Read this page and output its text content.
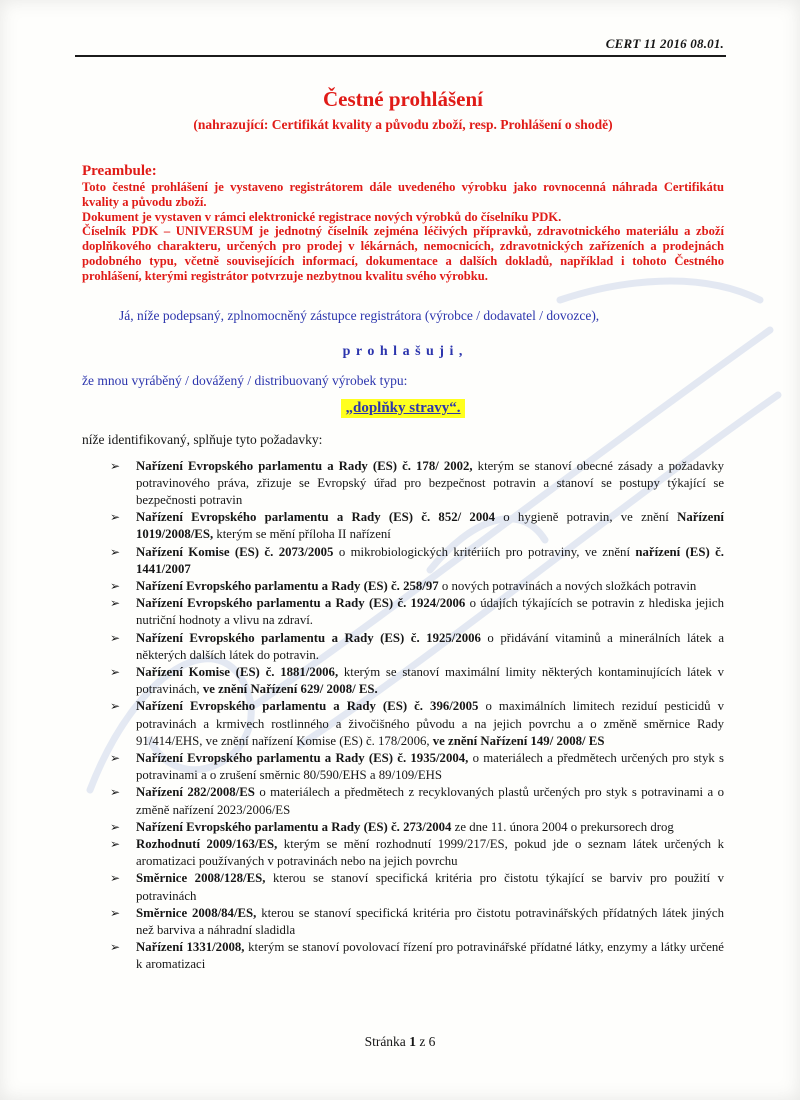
CERT 11 2016 08.01.
Čestné prohlášení
(nahrazující: Certifikát kvality a původu zboží, resp. Prohlášení o shodě)
Preambule:

Toto čestné prohlášení je vystaveno registrátorem dále uvedeného výrobku jako rovnocenná náhrada Certifikátu kvality a původu zboží.

Dokument je vystaven v rámci elektronické registrace nových výrobků do číselníku PDK.

Číselník PDK – UNIVERSUM je jednotný číselník zejména léčivých přípravků, zdravotnického materiálu a zboží doplňkového charakteru, určených pro prodej v lékárnách, nemocnicích, zdravotnických zařízeních a prodejnách podobného typu, včetně souvisejících informací, dokumentace a dalších dokladů, například i tohoto Čestného prohlášení, kterými registrátor potvrzuje nezbytnou kvalitu svého výrobku.

Já, níže podepsaný, zplnomocněný zástupce registrátora (výrobce / dodavatel / dovozce),

p r o h l a š u j i ,

že mnou vyráběný / dovážený / distribuovaný výrobek typu:

„doplňky stravy“.

níže identifikovaný, splňuje tyto požadavky:

➢ Nařízení Evropského parlamentu a Rady (ES) č. 178/ 2002, kterým se stanoví obecné zásady a požadavky potravinového práva, zřizuje se Evropský úřad pro bezpečnost potravin a stanoví se postupy týkající se bezpečnosti potravin
➢ Nařízení Evropského parlamentu a Rady (ES) č. 852/ 2004 o hygieně potravin, ve znění Nařízení 1019/2008/ES, kterým se mění příloha II nařízení
➢ Nařízení Komise (ES) č. 2073/2005 o mikrobiologických kritériích pro potraviny, ve znění nařízení (ES) č. 1441/2007
➢ Nařízení Evropského parlamentu a Rady (ES) č. 258/97 o nových potravinách a nových složkách potravin
➢ Nařízení Evropského parlamentu a Rady (ES) č. 1924/2006 o údajích týkajících se potravin z hlediska jejich nutriční hodnoty a vlivu na zdraví.
➢ Nařízení Evropského parlamentu a Rady (ES) č. 1925/2006 o přidávání vitaminů a minerálních látek a některých dalších látek do potravin.
➢ Nařízení Komise (ES) č. 1881/2006, kterým se stanoví maximální limity některých kontaminujících látek v potravinách, ve znění Nařízení 629/ 2008/ ES.
➢ Nařízení Evropského parlamentu a Rady (ES) č. 396/2005 o maximálních limitech reziduí pesticidů v potravinách a krmivech rostlinného a živočišného původu a na jejich povrchu a o změně směrnice Rady 91/414/EHS, ve znění nařízení Komise (ES) č. 178/2006, ve znění Nařízení 149/ 2008/ ES
➢ Nařízení Evropského parlamentu a Rady (ES) č. 1935/2004, o materiálech a předmětech určených pro styk s potravinami a o zrušení směrnic 80/590/EHS a 89/109/EHS
➢ Nařízení 282/2008/ES o materiálech a předmětech z recyklovaných plastů určených pro styk s potravinami a o změně nařízení 2023/2006/ES
➢ Nařízení Evropského parlamentu a Rady (ES) č. 273/2004 ze dne 11. února 2004 o prekursorech drog
➢ Rozhodnutí 2009/163/ES, kterým se mění rozhodnutí 1999/217/ES, pokud jde o seznam látek určených k aromatizaci používaných v potravinách nebo na jejich povrchu
➢ Směrnice 2008/128/ES, kterou se stanoví specifická kritéria pro čistotu týkající se barviv pro použití v potravinách
➢ Směrnice 2008/84/ES, kterou se stanoví specifická kritéria pro čistotu potravinářských přídatných látek jiných než barviva a náhradní sladidla
➢ Nařízení 1331/2008, kterým se stanoví povolovací řízení pro potravinářské přídatné látky, enzymy a látky určené k aromatizaci
Stránka 1 z 6
